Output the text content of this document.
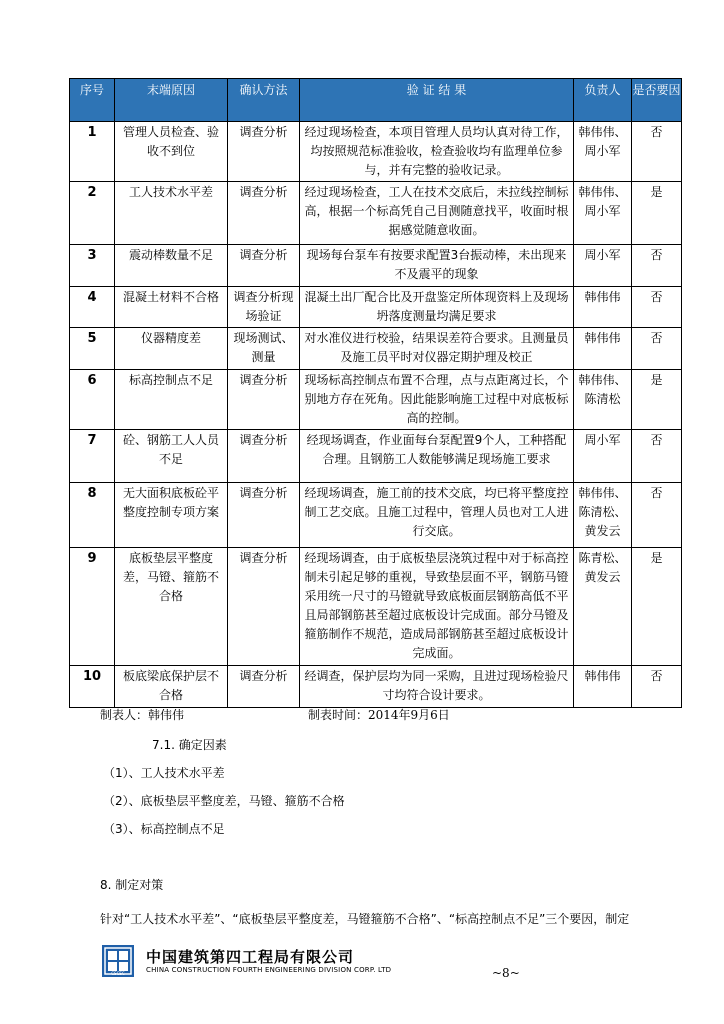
序号	末端原因	确认方法	验 证 结 果	负责人	是否要因
1	管理人员检查、验收不到位	调查分析	经过现场检查，本项目管理人员均认真对待工作，均按照规范标准验收，检查验收均有监理单位参与，并有完整的验收记录。	韩伟伟、周小军	否
2	工人技术水平差	调查分析	经过现场检查，工人在技术交底后，未拉线控制标高，根据一个标高凭自己目测随意找平，收面时根据感觉随意收面。	韩伟伟、周小军	是
3	震动棒数量不足	调查分析	现场每台泵车有按要求配置3台振动棒，未出现来不及震平的现象	周小军	否
4	混凝土材料不合格	调查分析现场验证	混凝土出厂配合比及开盘鉴定所体现资料上及现场坍落度测量均满足要求	韩伟伟	否
5	仪器精度差	现场测试、测量	对水准仪进行校验，结果误差符合要求。且测量员及施工员平时对仪器定期护理及校正	韩伟伟	否
6	标高控制点不足	调查分析	现场标高控制点布置不合理，点与点距离过长，个别地方存在死角。因此能影响施工过程中对底板标高的控制。	韩伟伟、陈清松	是
7	砼、钢筋工人人员不足	调查分析	经现场调查，作业面每台泵配置9个人，工种搭配合理。且钢筋工人数能够满足现场施工要求	周小军	否
8	无大面积底板砼平整度控制专项方案	调查分析	经现场调查，施工前的技术交底，均已将平整度控制工艺交底。且施工过程中，管理人员也对工人进行交底。	韩伟伟、陈清松、黄发云	否
9	底板垫层平整度差，马镫、箍筋不合格	调查分析	经现场调查，由于底板垫层浇筑过程中对于标高控制未引起足够的重视，导致垫层面不平，钢筋马镫采用统一尺寸的马镫就导致底板面层钢筋高低不平且局部钢筋甚至超过底板设计完成面。部分马镫及箍筋制作不规范，造成局部钢筋甚至超过底板设计完成面。	陈青松、黄发云	是
10	板底梁底保护层不合格	调查分析	经调查，保护层均为同一采购，且进过现场检验尺寸均符合设计要求。	韩伟伟	否
制表人：韩伟伟	制表时间：2014年9月6日
7.1. 确定因素
（1）、工人技术水平差
（2）、底板垫层平整度差，马镫、箍筋不合格
（3）、标高控制点不足
8. 制定对策
针对“工人技术水平差”、“底板垫层平整度差，马镫箍筋不合格”、“标高控制点不足”三个要因，制定
CSCEC
中国建筑第四工程局有限公司
CHINA CONSTRUCTION FOURTH ENGINEERING DIVISION CORP. LTD	~8~
